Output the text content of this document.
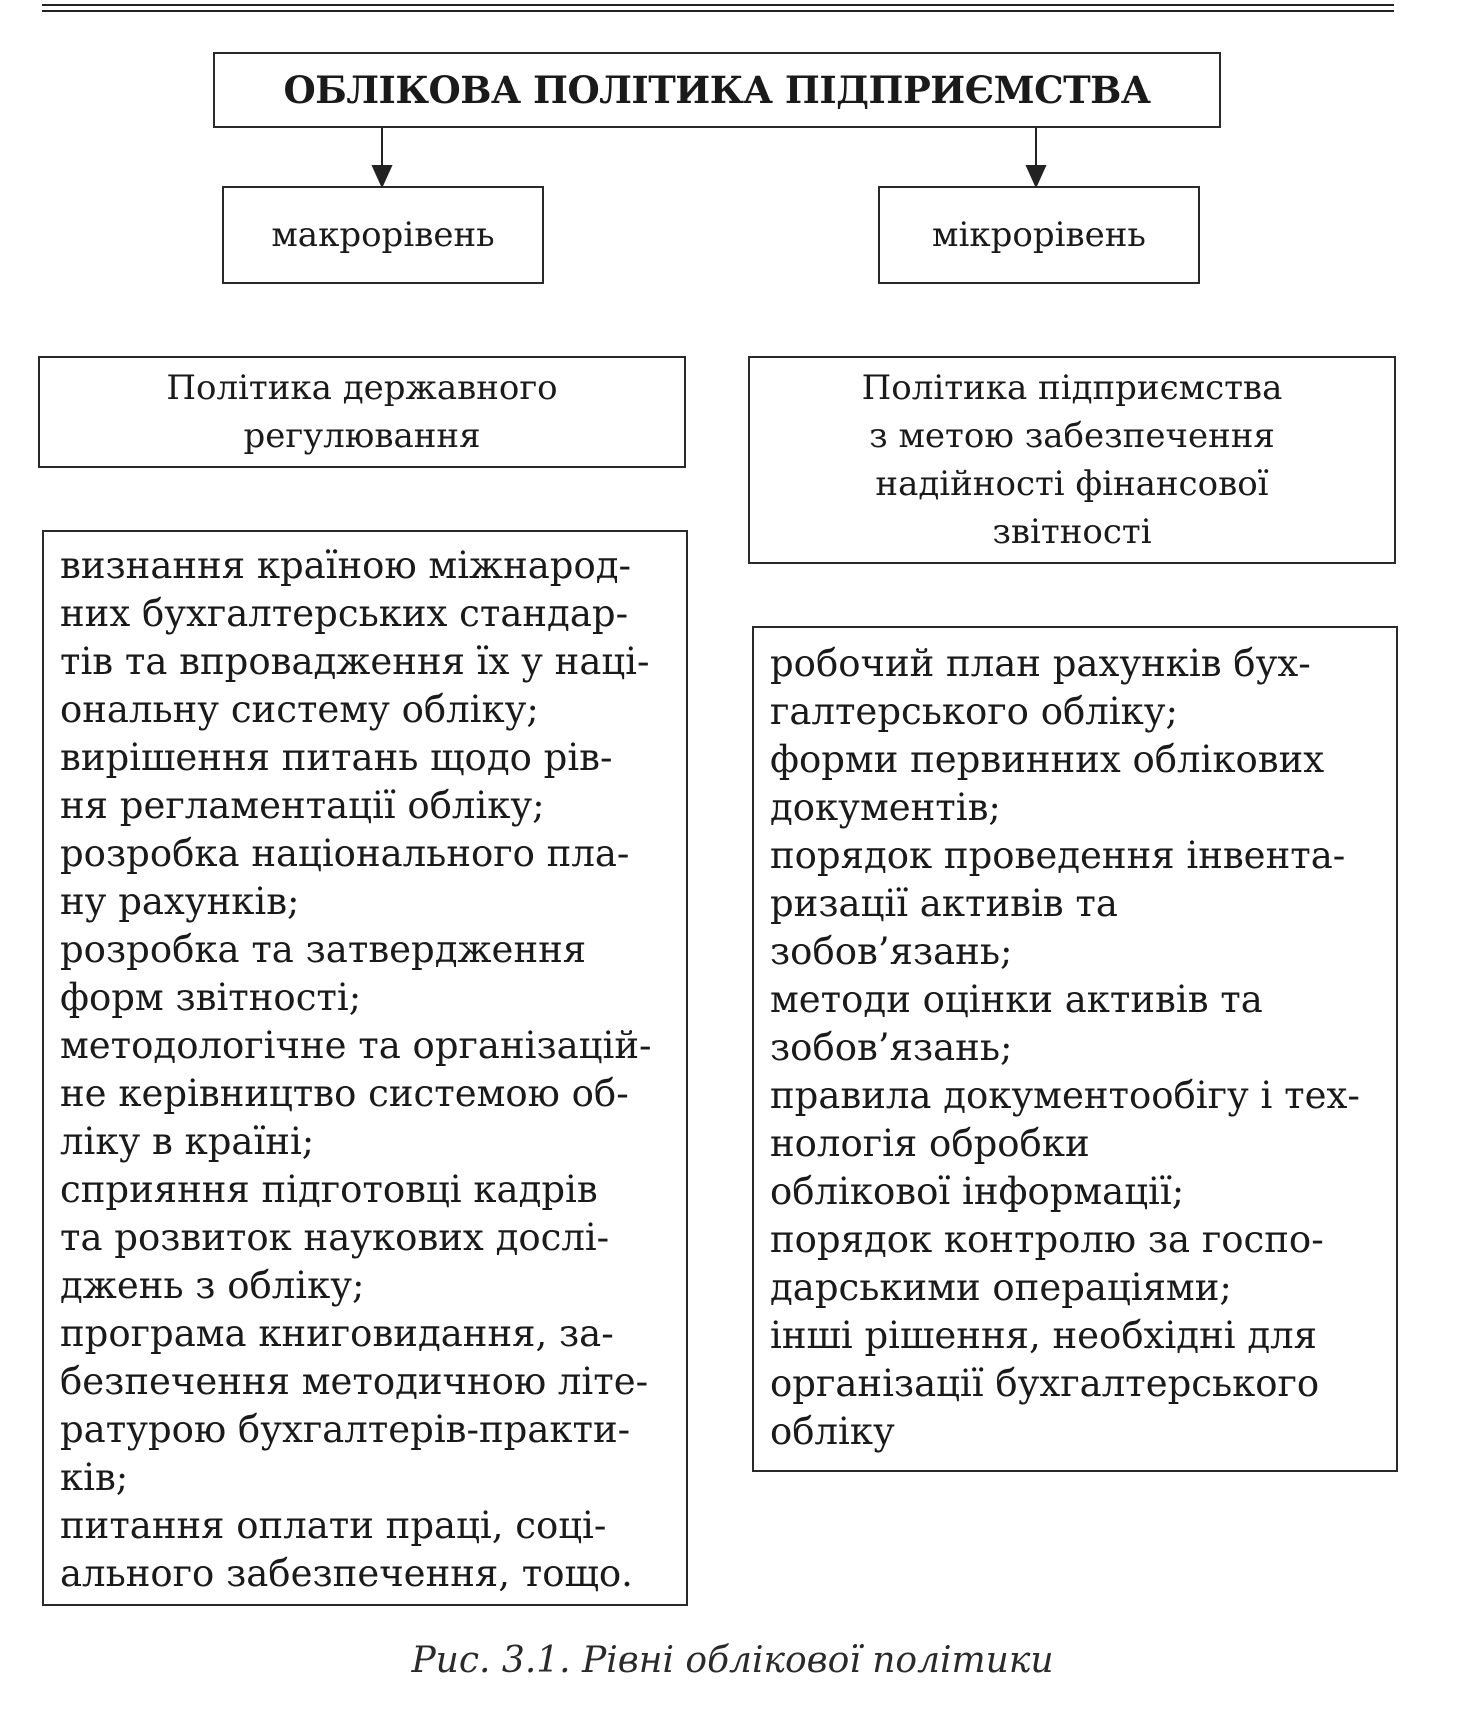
ОБЛІКОВА ПОЛІТИКА ПІДПРИЄМСТВА
макрорівень	мікрорівень
Політика державного
регулювання
Політика підприємства
з метою забезпечення
надійності фінансової
звітності
визнання країною міжнарод-
них бухгалтерських стандар-
тів та впровадження їх у наці-
ональну систему обліку;
вирішення питань щодо рів-
ня регламентації обліку;
розробка національного пла-
ну рахунків;
розробка та затвердження
форм звітності;
методологічне та організацій-
не керівництво системою об-
ліку в країні;
сприяння підготовці кадрів
та розвиток наукових дослі-
джень з обліку;
програма книговидання, за-
безпечення методичною літе-
ратурою бухгалтерів-практи-
ків;
питання оплати праці, соці-
ального забезпечення, тощо.
робочий план рахунків бух-
галтерського обліку;
форми первинних облікових
документів;
порядок проведення інвента-
ризації активів та
зобов’язань;
методи оцінки активів та
зобов’язань;
правила документообігу і тех-
нологія обробки
облікової інформації;
порядок контролю за госпо-
дарськими операціями;
інші рішення, необхідні для
організації бухгалтерського
обліку
Рис. 3.1. Рівні облікової політики
